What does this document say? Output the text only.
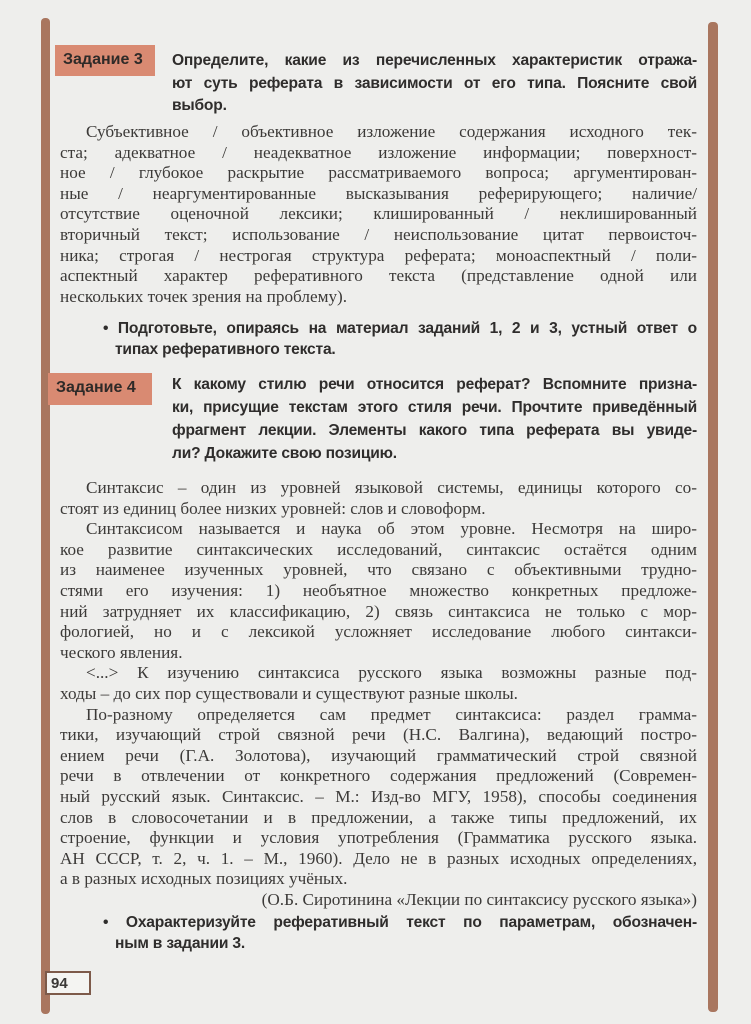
Задание 3	Определите, какие из перечисленных характеристик отража-
ют суть реферата в зависимости от его типа. Поясните свой
выбор.
Субъективное / объективное изложение содержания исходного тек-
ста; адекватное / неадекватное изложение информации; поверхност-
ное / глубокое раскрытие рассматриваемого вопроса; аргументирован-
ные / неаргументированные высказывания реферирующего; наличие/
отсутствие оценочной лексики; клишированный / неклишированный
вторичный текст; использование / неиспользование цитат первоисточ-
ника; строгая / нестрогая структура реферата; моноаспектный / поли-
аспектный характер реферативного текста (представление одной или
нескольких точек зрения на проблему).
• Подготовьте, опираясь на материал заданий 1, 2 и 3, устный ответ о
типах реферативного текста.
Задание 4	К какому стилю речи относится реферат? Вспомните призна-
ки, присущие текстам этого стиля речи. Прочтите приведённый
фрагмент лекции. Элементы какого типа реферата вы увиде-
ли? Докажите свою позицию.
Синтаксис – один из уровней языковой системы, единицы которого со-
стоят из единиц более низких уровней: слов и словоформ.
Синтаксисом называется и наука об этом уровне. Несмотря на широ-
кое развитие синтаксических исследований, синтаксис остаётся одним
из наименее изученных уровней, что связано с объективными трудно-
стями его изучения: 1) необъятное множество конкретных предложе-
ний затрудняет их классификацию, 2) связь синтаксиса не только с мор-
фологией, но и с лексикой усложняет исследование любого синтакси-
ческого явления.
<...> К изучению синтаксиса русского языка возможны разные под-
ходы – до сих пор существовали и существуют разные школы.
По-разному определяется сам предмет синтаксиса: раздел грамма-
тики, изучающий строй связной речи (Н.С. Валгина), ведающий постро-
ением речи (Г.А. Золотова), изучающий грамматический строй связной
речи в отвлечении от конкретного содержания предложений (Современ-
ный русский язык. Синтаксис. – М.: Изд-во МГУ, 1958), способы соединения
слов в словосочетании и в предложении, а также типы предложений, их
строение, функции и условия употребления (Грамматика русского языка.
АН СССР, т. 2, ч. 1. – М., 1960). Дело не в разных исходных определениях,
а в разных исходных позициях учёных.
(О.Б. Сиротинина «Лекции по синтаксису русского языка»)
• Охарактеризуйте реферативный текст по параметрам, обозначен-
ным в задании 3.
94
